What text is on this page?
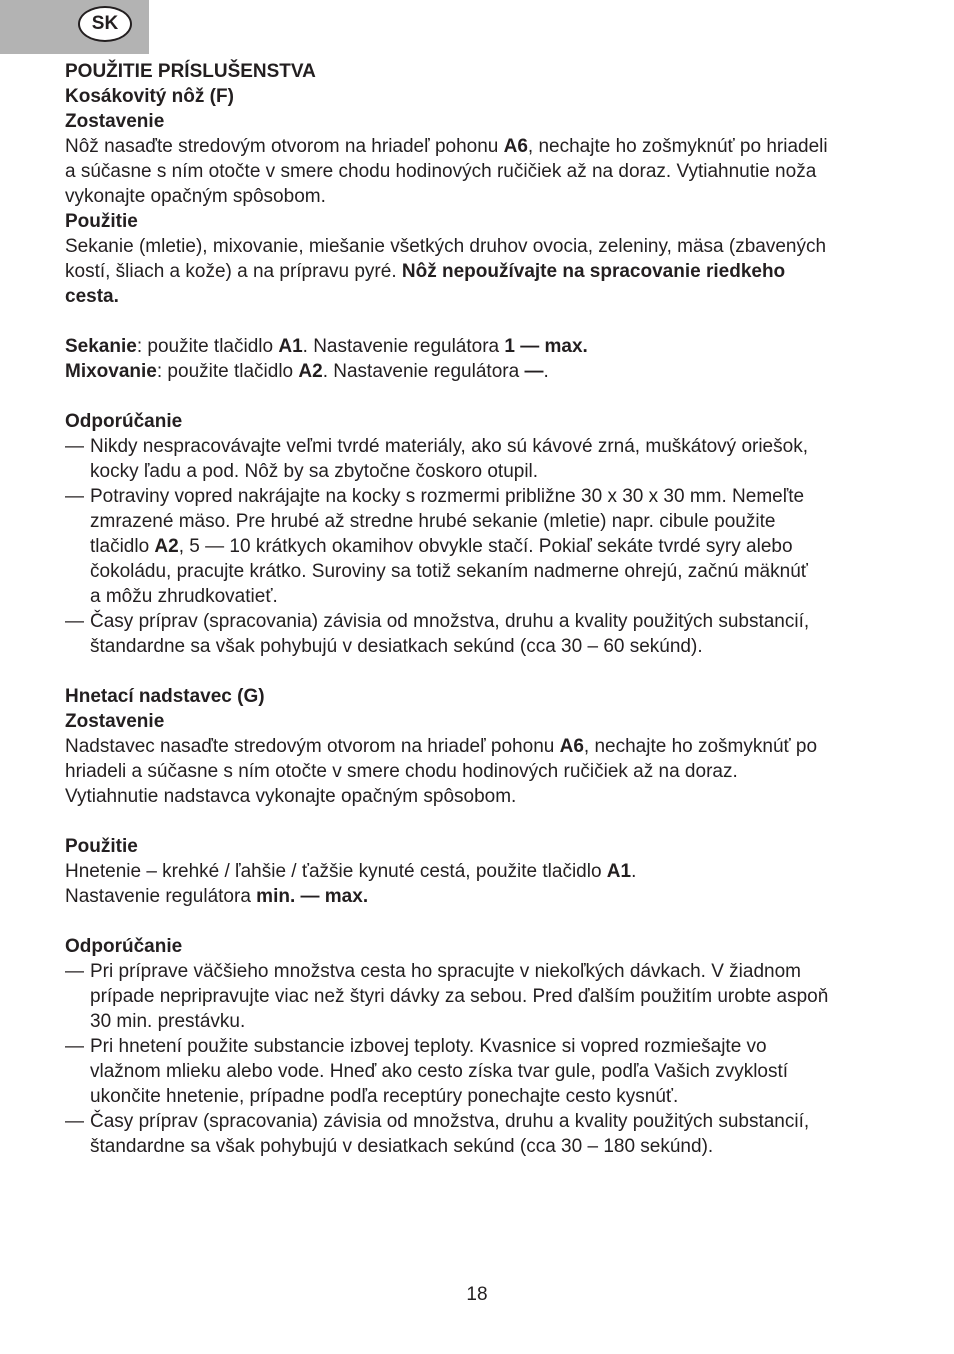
SK
POUŽITIE PRÍSLUŠENSTVA
Kosákovitý nôž (F)
Zostavenie
Nôž nasaďte stredovým otvorom na hriadeľ pohonu A6, nechajte ho zošmyknúť po hriadeli
a súčasne s ním otočte v smere chodu hodinových ručičiek až na doraz. Vytiahnutie noža
vykonajte opačným spôsobom.
Použitie
Sekanie (mletie), mixovanie, miešanie všetkých druhov ovocia, zeleniny, mäsa (zbavených
kostí, šliach a kože) a na prípravu pyré. Nôž nepoužívajte na spracovanie riedkeho
cesta.
Sekanie: použite tlačidlo A1. Nastavenie regulátora 1 — max.
Mixovanie: použite tlačidlo A2. Nastavenie regulátora —.
Odporúčanie
— Nikdy nespracovávajte veľmi tvrdé materiály, ako sú kávové zrná, muškátový oriešok,
kocky ľadu a pod. Nôž by sa zbytočne čoskoro otupil.
— Potraviny vopred nakrájajte na kocky s rozmermi približne 30 x 30 x 30 mm. Nemeľte
zmrazené mäso. Pre hrubé až stredne hrubé sekanie (mletie) napr. cibule použite
tlačidlo A2, 5 — 10 krátkych okamihov obvykle stačí. Pokiaľ sekáte tvrdé syry alebo
čokoládu, pracujte krátko. Suroviny sa totiž sekaním nadmerne ohrejú, začnú mäknúť
a môžu zhrudkovatieť.
— Časy príprav (spracovania) závisia od množstva, druhu a kvality použitých substancií,
štandardne sa však pohybujú v desiatkach sekúnd (cca 30 – 60 sekúnd).
Hnetací nadstavec (G)
Zostavenie
Nadstavec nasaďte stredovým otvorom na hriadeľ pohonu A6, nechajte ho zošmyknúť po
hriadeli a súčasne s ním otočte v smere chodu hodinových ručičiek až na doraz.
Vytiahnutie nadstavca vykonajte opačným spôsobom.
Použitie
Hnetenie – krehké / ľahšie / ťažšie kynuté cestá, použite tlačidlo A1.
Nastavenie regulátora min. — max.
Odporúčanie
— Pri príprave väčšieho množstva cesta ho spracujte v niekoľkých dávkach. V žiadnom
prípade nepripravujte viac než štyri dávky za sebou. Pred ďalším použitím urobte aspoň
30 min. prestávku.
— Pri hnetení použite substancie izbovej teploty. Kvasnice si vopred rozmiešajte vo
vlažnom mlieku alebo vode. Hneď ako cesto získa tvar gule, podľa Vašich zvyklostí
ukončite hnetenie, prípadne podľa receptúry ponechajte cesto kysnúť.
— Časy príprav (spracovania) závisia od množstva, druhu a kvality použitých substancií,
štandardne sa však pohybujú v desiatkach sekúnd (cca 30 – 180 sekúnd).
18
